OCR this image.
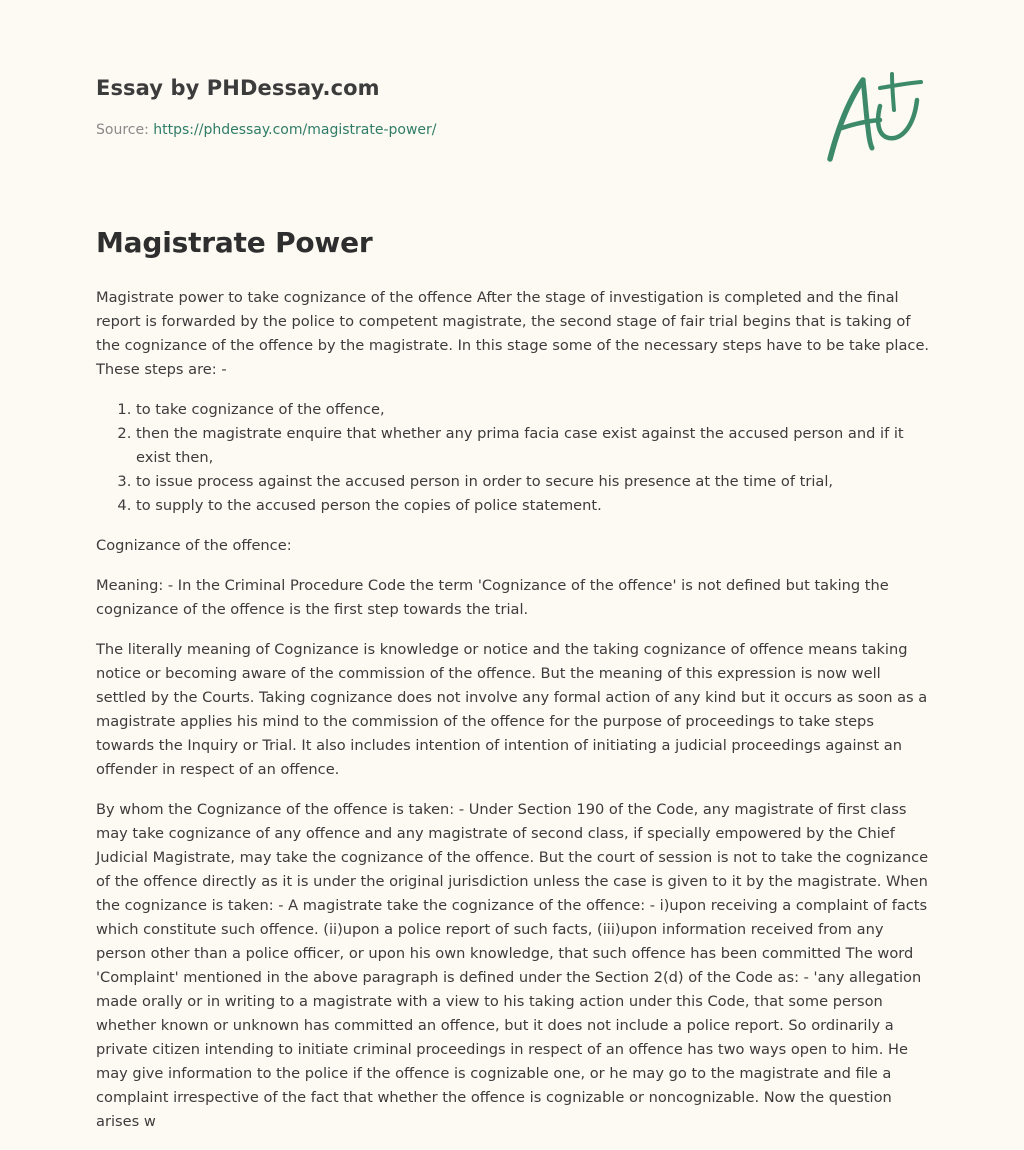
Essay by PHDessay.com
Source: https://phdessay.com/magistrate-power/
Magistrate Power

Magistrate power to take cognizance of the offence After the stage of investigation is completed and the final report is forwarded by the police to competent magistrate, the second stage of fair trial begins that is taking of the cognizance of the offence by the magistrate. In this stage some of the necessary steps have to be take place. These steps are: -

1. to take cognizance of the offence,
2. then the magistrate enquire that whether any prima facia case exist against the accused person and if it exist then,
3. to issue process against the accused person in order to secure his presence at the time of trial,
4. to supply to the accused person the copies of police statement.

Cognizance of the offence:

Meaning: - In the Criminal Procedure Code the term 'Cognizance of the offence' is not defined but taking the cognizance of the offence is the first step towards the trial.

The literally meaning of Cognizance is knowledge or notice and the taking cognizance of offence means taking notice or becoming aware of the commission of the offence. But the meaning of this expression is now well settled by the Courts. Taking cognizance does not involve any formal action of any kind but it occurs as soon as a magistrate applies his mind to the commission of the offence for the purpose of proceedings to take steps towards the Inquiry or Trial. It also includes intention of intention of initiating a judicial proceedings against an offender in respect of an offence.

By whom the Cognizance of the offence is taken: - Under Section 190 of the Code, any magistrate of first class may take cognizance of any offence and any magistrate of second class, if specially empowered by the Chief Judicial Magistrate, may take the cognizance of the offence. But the court of session is not to take the cognizance of the offence directly as it is under the original jurisdiction unless the case is given to it by the magistrate. When the cognizance is taken: - A magistrate take the cognizance of the offence: - i)upon receiving a complaint of facts which constitute such offence. (ii)upon a police report of such facts, (iii)upon information received from any person other than a police officer, or upon his own knowledge, that such offence has been committed The word 'Complaint' mentioned in the above paragraph is defined under the Section 2(d) of the Code as: - 'any allegation made orally or in writing to a magistrate with a view to his taking action under this Code, that some person whether known or unknown has committed an offence, but it does not include a police report. So ordinarily a private citizen intending to initiate criminal proceedings in respect of an offence has two ways open to him. He may give information to the police if the offence is cognizable one, or he may go to the magistrate and file a complaint irrespective of the fact that whether the offence is cognizable or noncognizable. Now the question arises w
